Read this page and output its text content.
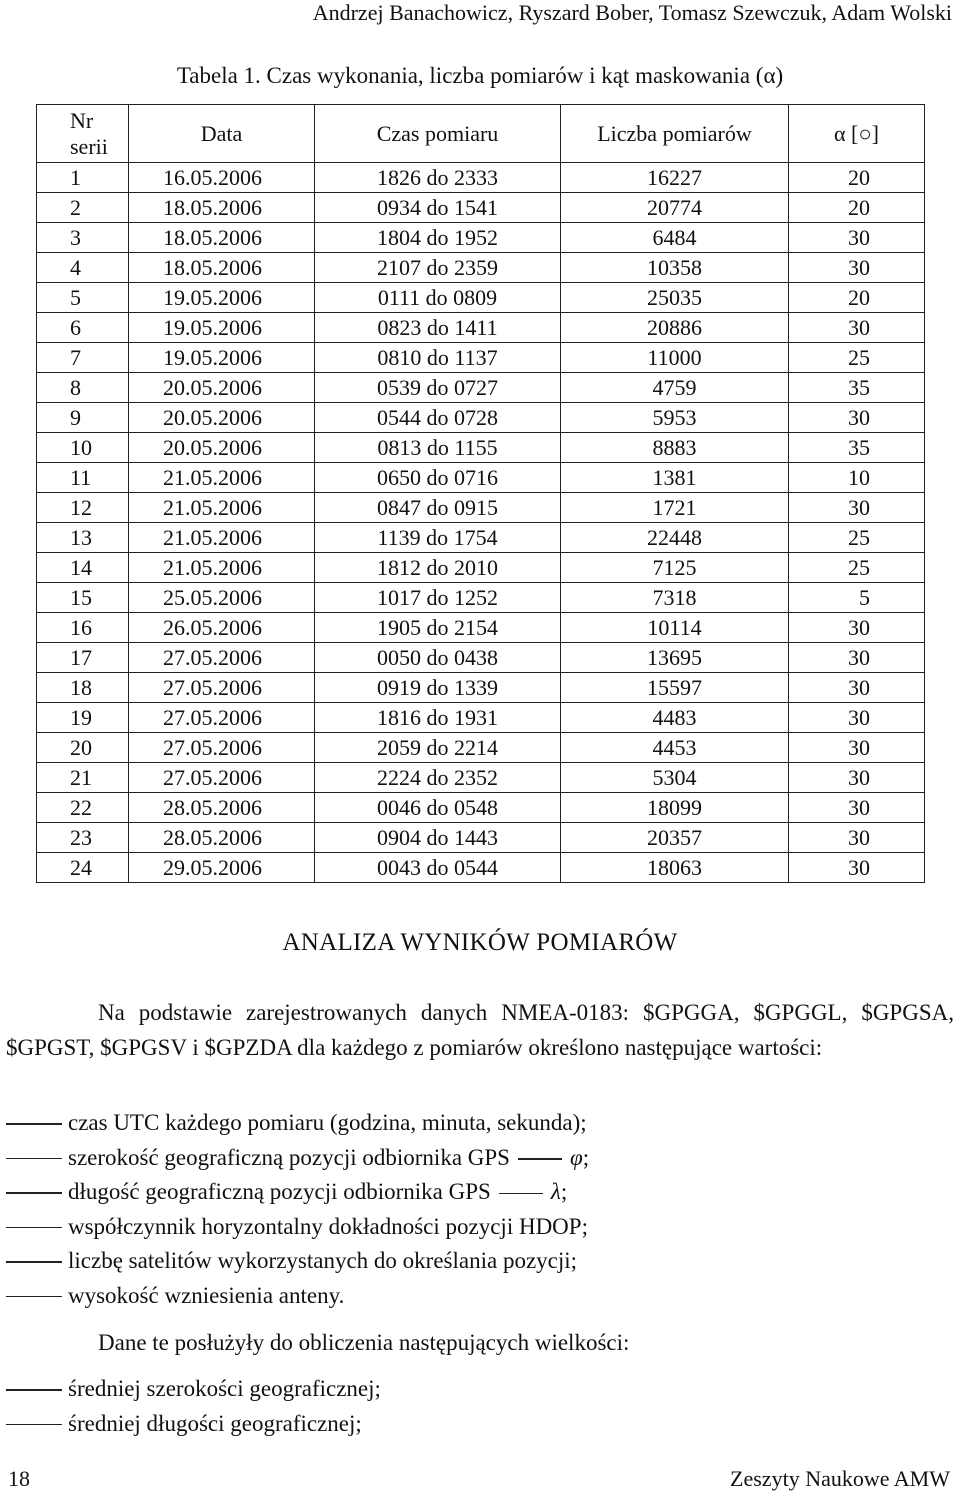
Andrzej Banachowicz, Ryszard Bober, Tomasz Szewczuk, Adam Wolski
Tabela 1. Czas wykonania, liczba pomiarów i kąt maskowania (α)
Nr serii	Data	Czas pomiaru	Liczba pomiarów	α [○]
1	16.05.2006	1826 do 2333	16227	20
2	18.05.2006	0934 do 1541	20774	20
3	18.05.2006	1804 do 1952	6484	30
4	18.05.2006	2107 do 2359	10358	30
5	19.05.2006	0111 do 0809	25035	20
6	19.05.2006	0823 do 1411	20886	30
7	19.05.2006	0810 do 1137	11000	25
8	20.05.2006	0539 do 0727	4759	35
9	20.05.2006	0544 do 0728	5953	30
10	20.05.2006	0813 do 1155	8883	35
11	21.05.2006	0650 do 0716	1381	10
12	21.05.2006	0847 do 0915	1721	30
13	21.05.2006	1139 do 1754	22448	25
14	21.05.2006	1812 do 2010	7125	25
15	25.05.2006	1017 do 1252	7318	5
16	26.05.2006	1905 do 2154	10114	30
17	27.05.2006	0050 do 0438	13695	30
18	27.05.2006	0919 do 1339	15597	30
19	27.05.2006	1816 do 1931	4483	30
20	27.05.2006	2059 do 2214	4453	30
21	27.05.2006	2224 do 2352	5304	30
22	28.05.2006	0046 do 0548	18099	30
23	28.05.2006	0904 do 1443	20357	30
24	29.05.2006	0043 do 0544	18063	30
ANALIZA WYNIKÓW POMIARÓW

Na podstawie zarejestrowanych danych NMEA-0183: $GPGGA, $GPGGL, $GPGSA, $GPGST, $GPGSV i $GPZDA dla każdego z pomiarów określono następujące wartości:

czas UTC każdego pomiaru (godzina, minuta, sekunda);
szerokość geograficzną pozycji odbiornika GPS	φ;
długość geograficzną pozycji odbiornika GPS	λ;
współczynnik horyzontalny dokładności pozycji HDOP;
liczbę satelitów wykorzystanych do określania pozycji;
wysokość wzniesienia anteny.

Dane te posłużyły do obliczenia następujących wielkości:

średniej szerokości geograficznej;
średniej długości geograficznej;
18	Zeszyty Naukowe AMW
